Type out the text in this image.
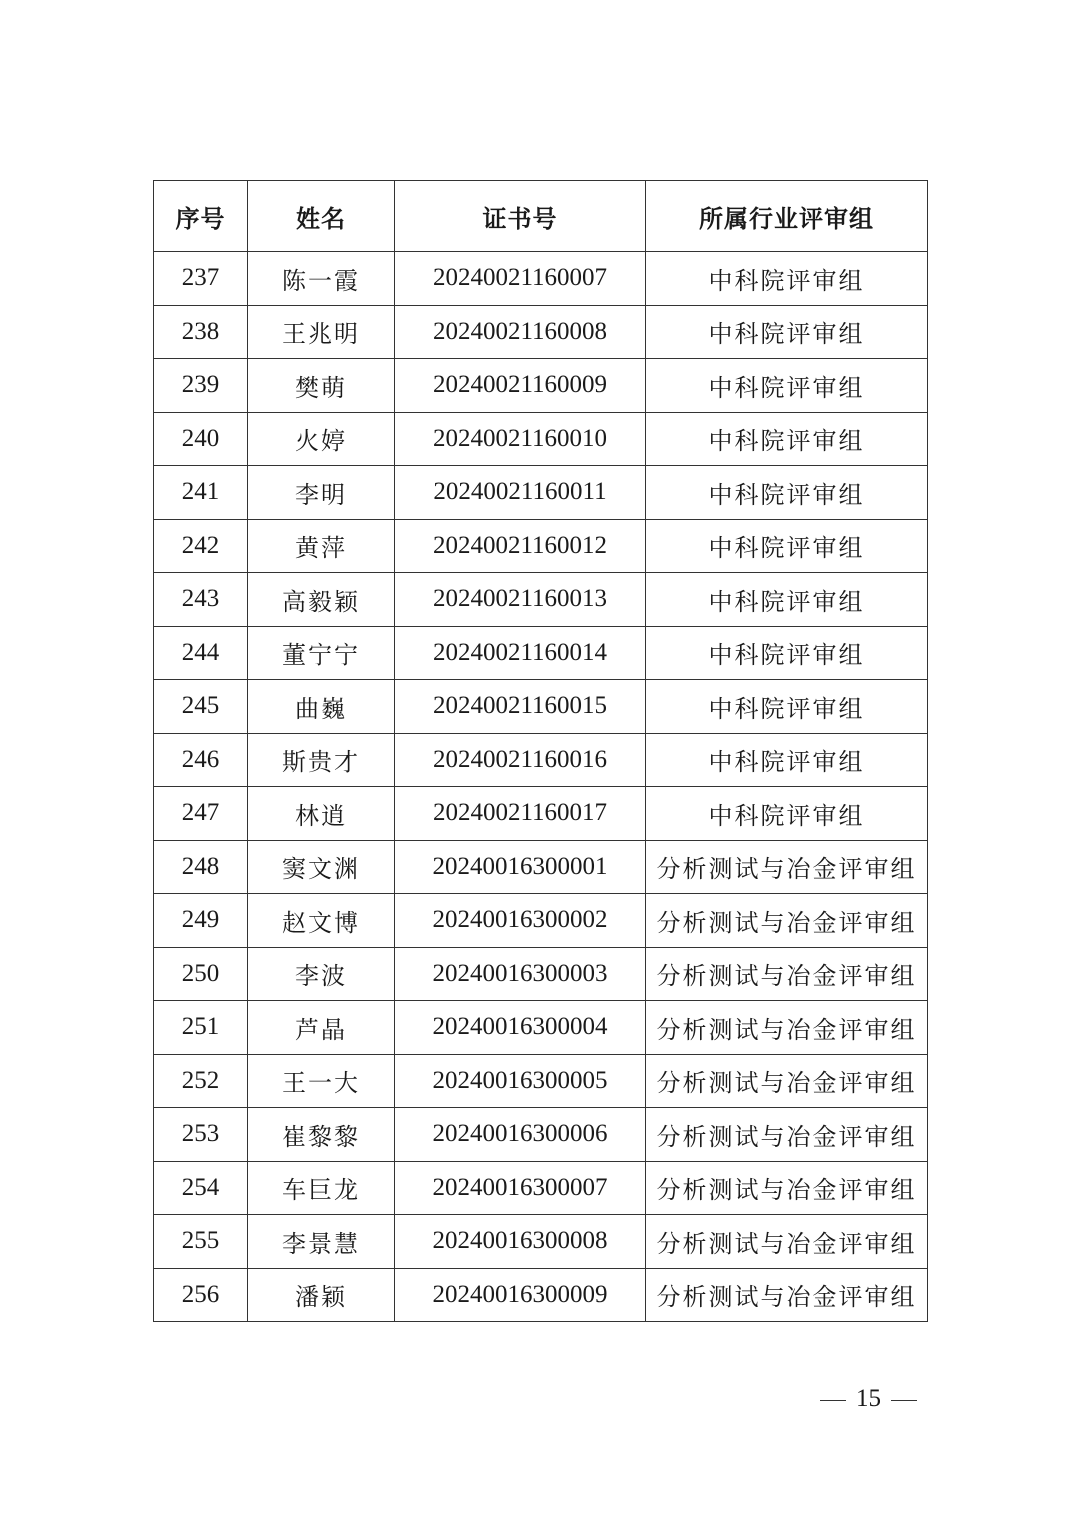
序号	姓名	证书号	所属行业评审组
237	陈一霞	20240021160007	中科院评审组
238	王兆明	20240021160008	中科院评审组
239	樊萌	20240021160009	中科院评审组
240	火婷	20240021160010	中科院评审组
241	李明	20240021160011	中科院评审组
242	黄萍	20240021160012	中科院评审组
243	高毅颖	20240021160013	中科院评审组
244	董宁宁	20240021160014	中科院评审组
245	曲巍	20240021160015	中科院评审组
246	斯贵才	20240021160016	中科院评审组
247	林逍	20240021160017	中科院评审组
248	窦文渊	20240016300001	分析测试与冶金评审组
249	赵文博	20240016300002	分析测试与冶金评审组
250	李波	20240016300003	分析测试与冶金评审组
251	芦晶	20240016300004	分析测试与冶金评审组
252	王一大	20240016300005	分析测试与冶金评审组
253	崔黎黎	20240016300006	分析测试与冶金评审组
254	车巨龙	20240016300007	分析测试与冶金评审组
255	李景慧	20240016300008	分析测试与冶金评审组
256	潘颖	20240016300009	分析测试与冶金评审组
15
